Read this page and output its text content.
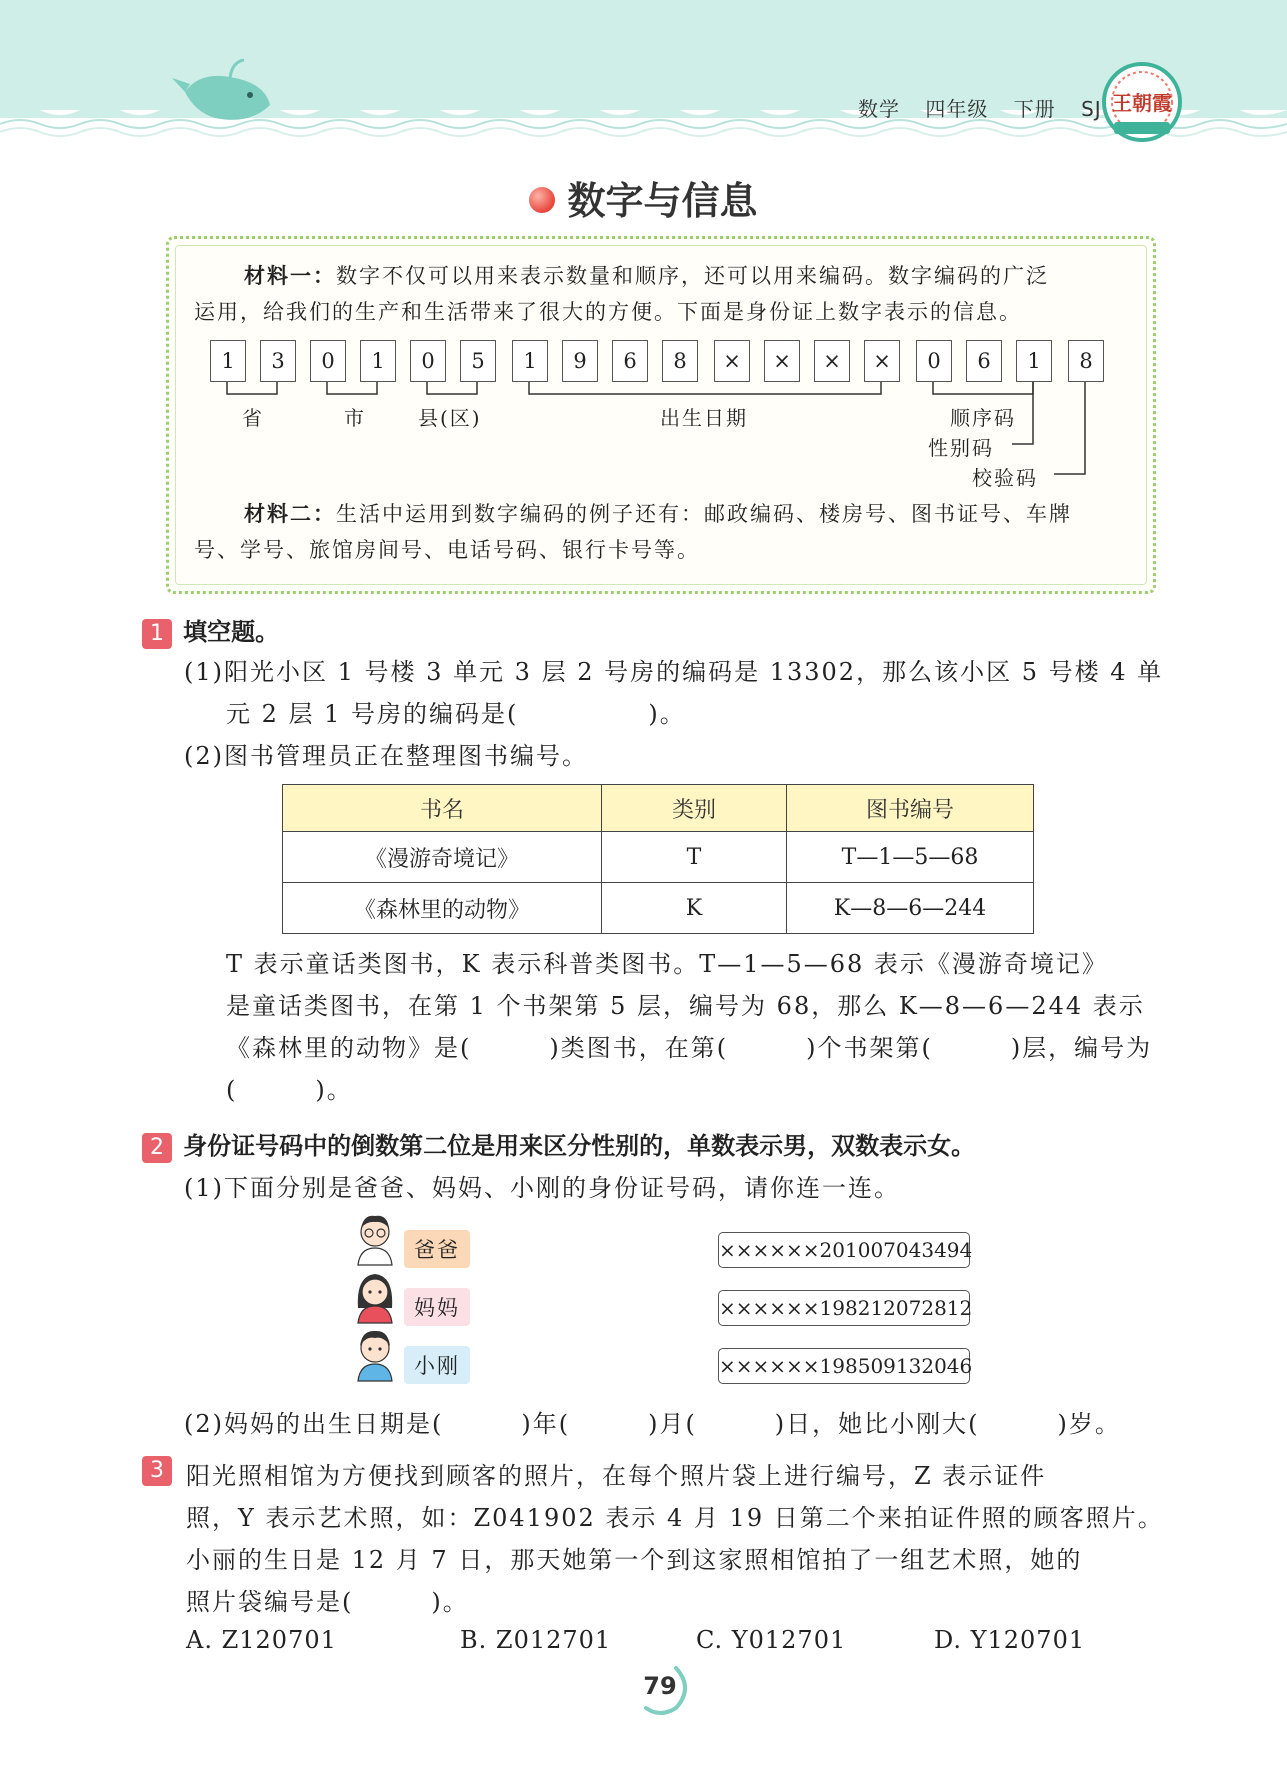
数学 四年级 下册 SJ 王朝霞
数字与信息
材料一：数字不仅可以用来表示数量和顺序，还可以用来编码。数字编码的广泛
运用，给我们的生产和生活带来了很大的方便。下面是身份证上数字表示的信息。
1	3	0	1	0	5	1	9	6	8	×	×	×	×	0	6	1	8
省	市	县(区)	出生日期	顺序码
性别码
校验码
材料二：生活中运用到数字编码的例子还有：邮政编码、楼房号、图书证号、车牌
号、学号、旅馆房间号、电话号码、银行卡号等。
1 填空题。
(1)阳光小区 1 号楼 3 单元 3 层 2 号房的编码是 13302，那么该小区 5 号楼 4 单
元 2 层 1 号房的编码是(　　　　　)。
(2)图书管理员正在整理图书编号。
书名	类别	图书编号
《漫游奇境记》	T	T—1—5—68
《森林里的动物》	K	K—8—6—244
T 表示童话类图书，K 表示科普类图书。T—1—5—68 表示《漫游奇境记》
是童话类图书，在第 1 个书架第 5 层，编号为 68，那么 K—8—6—244 表示
《森林里的动物》是(　　　)类图书，在第(　　　)个书架第(　　　)层，编号为
(　　　)。
2 身份证号码中的倒数第二位是用来区分性别的，单数表示男，双数表示女。
(1)下面分别是爸爸、妈妈、小刚的身份证号码，请你连一连。
爸爸
妈妈
小刚
××××××201007043494
××××××198212072812
××××××198509132046
(2)妈妈的出生日期是(　　　)年(　　　)月(　　　)日，她比小刚大(　　　)岁。
3 阳光照相馆为方便找到顾客的照片，在每个照片袋上进行编号，Z 表示证件
照，Y 表示艺术照，如：Z041902 表示 4 月 19 日第二个来拍证件照的顾客照片。
小丽的生日是 12 月 7 日，那天她第一个到这家照相馆拍了一组艺术照，她的
照片袋编号是(　　　)。
A. Z120701	B. Z012701	C. Y012701	D. Y120701
79
